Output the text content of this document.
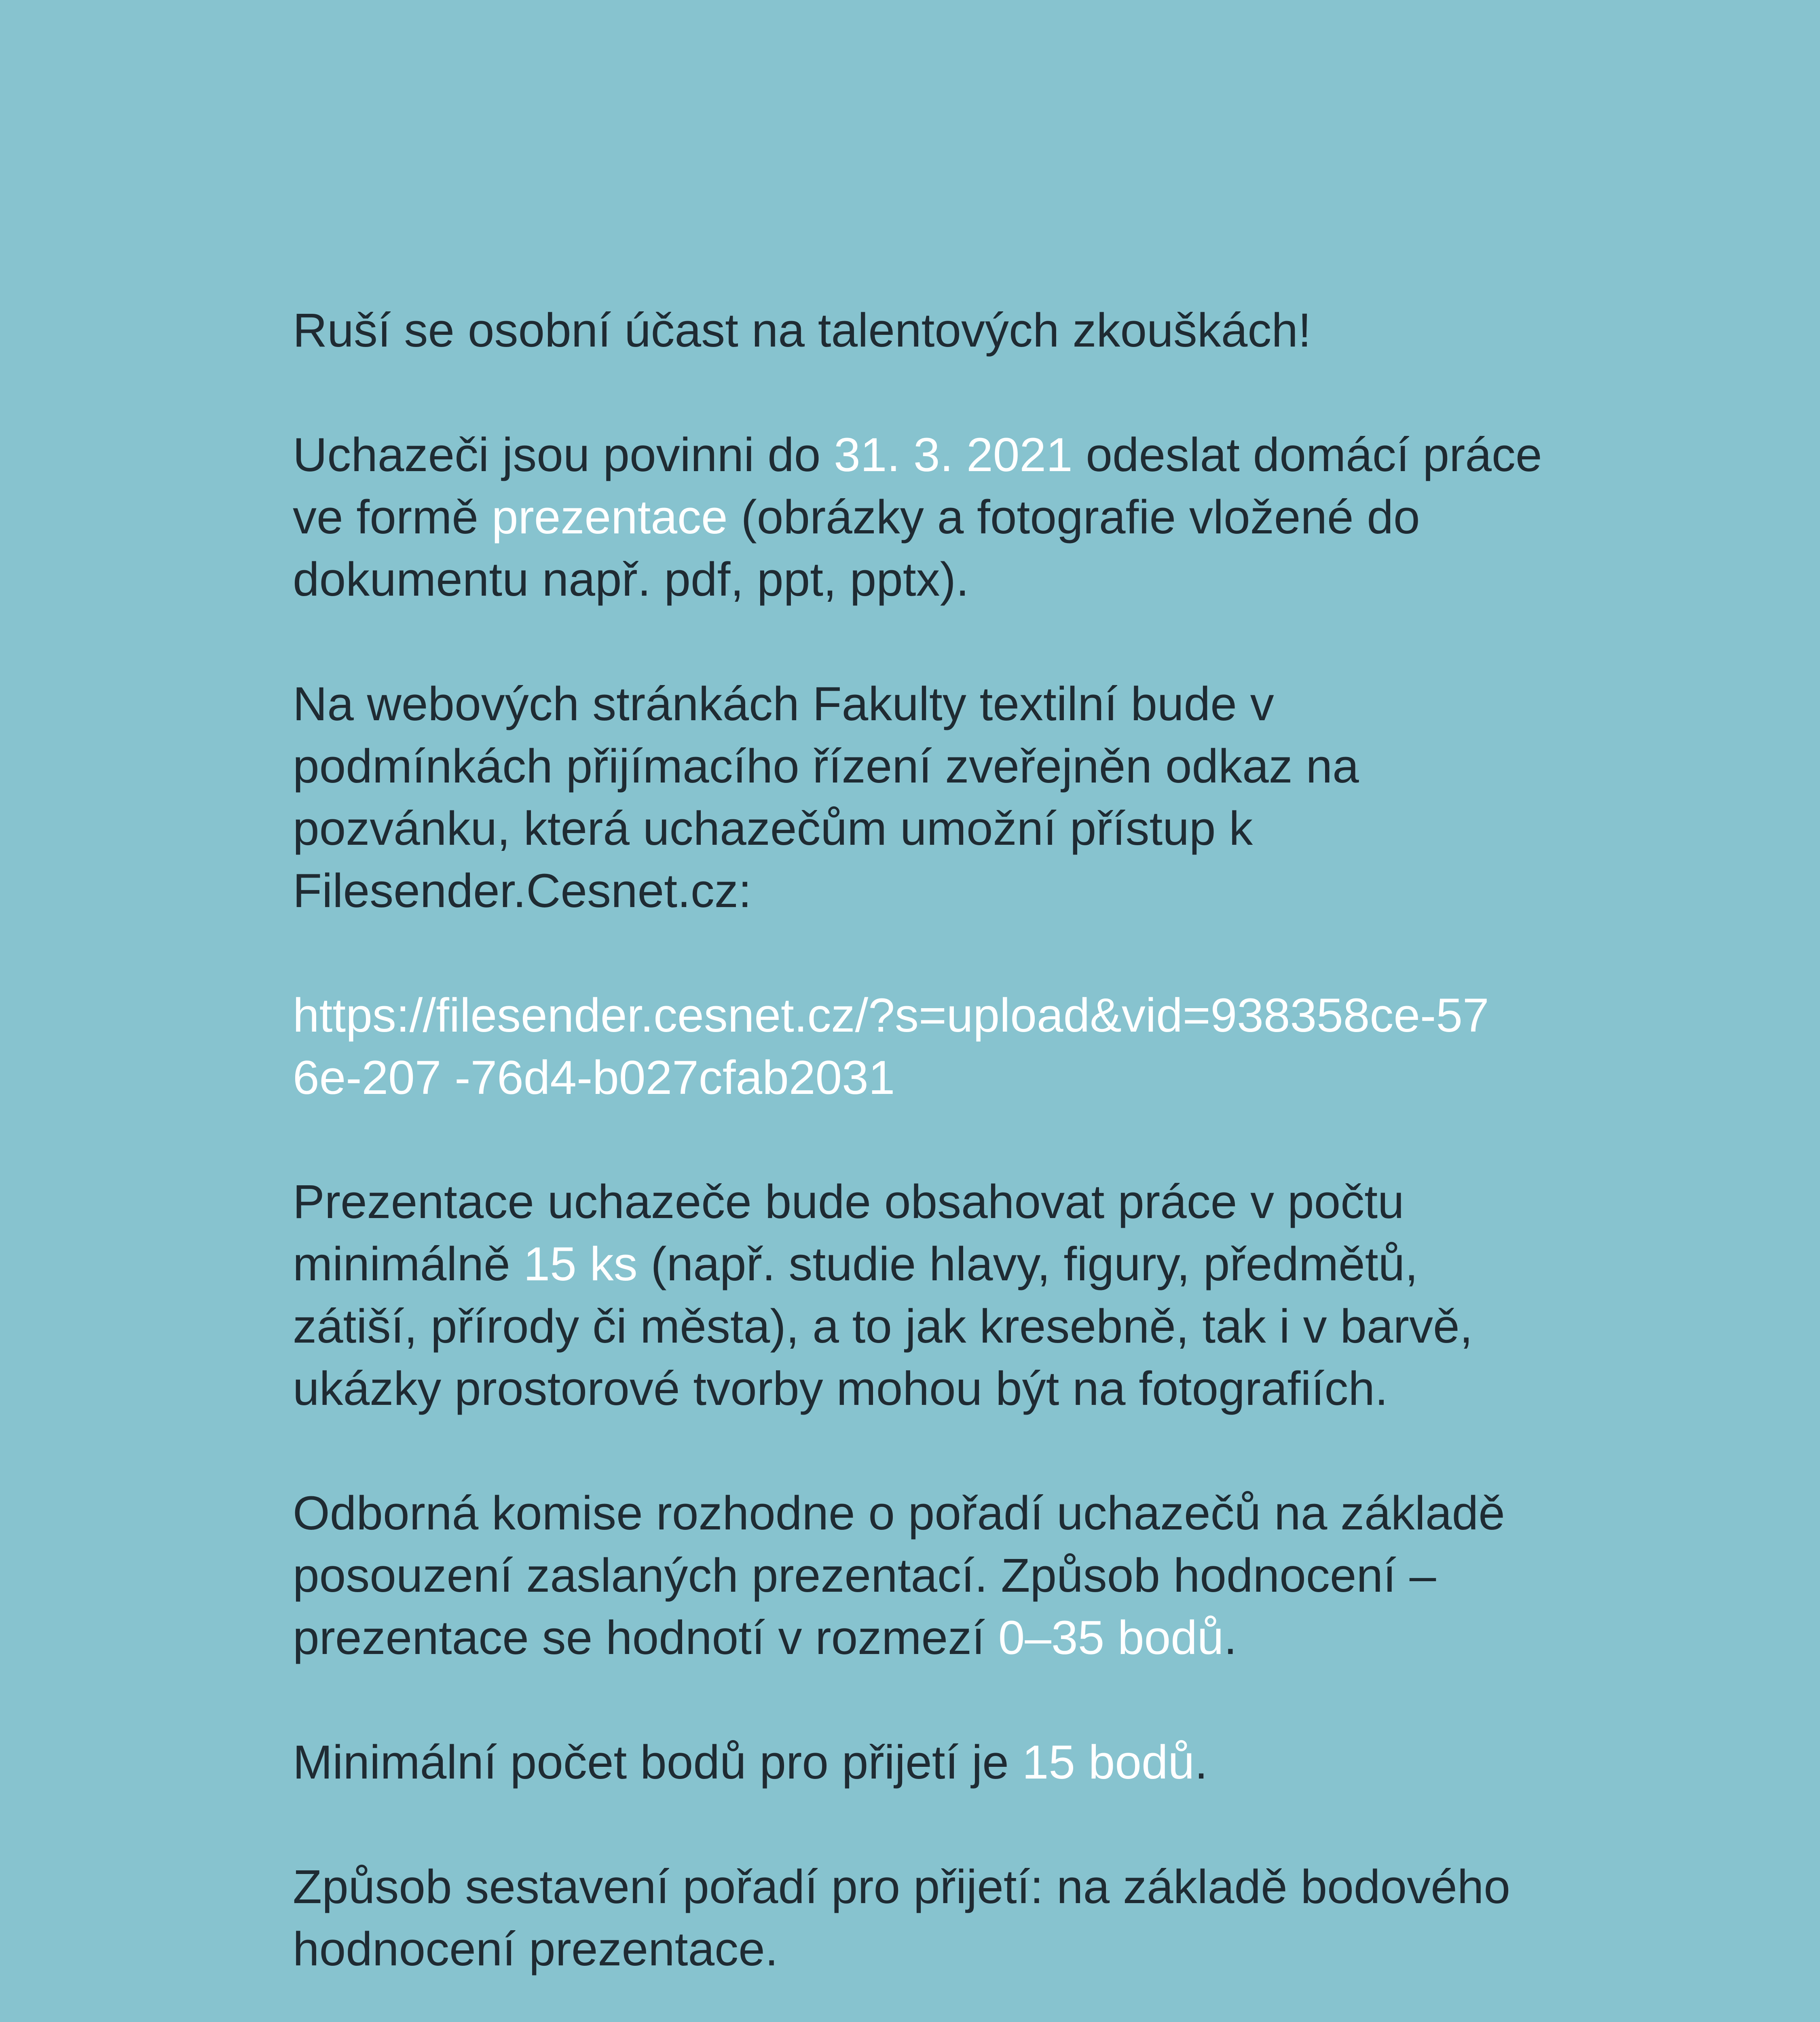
Ruší se osobní účast na talentových zkouškách!

Uchazeči jsou povinni do 31. 3. 2021 odeslat domácí práce

ve formě prezentace (obrázky a fotografie vložené do

dokumentu např. pdf, ppt, pptx).

Na webových stránkách Fakulty textilní bude v

podmínkách přijímacího řízení zveřejněn odkaz na

pozvánku, která uchazečům umožní přístup k

Filesender.Cesnet.cz:

https://filesender.cesnet.cz/?s=upload&vid=938358ce-57

6e-207 -76d4-b027cfab2031

Prezentace uchazeče bude obsahovat práce v počtu

minimálně 15 ks (např. studie hlavy, figury, předmětů,

zátiší, přírody či města), a to jak kresebně, tak i v barvě,

ukázky prostorové tvorby mohou být na fotografiích.

Odborná komise rozhodne o pořadí uchazečů na základě

posouzení zaslaných prezentací. Způsob hodnocení –

prezentace se hodnotí v rozmezí 0–35 bodů.

Minimální počet bodů pro přijetí je 15 bodů.

Způsob sestavení pořadí pro přijetí: na základě bodového

hodnocení prezentace.
